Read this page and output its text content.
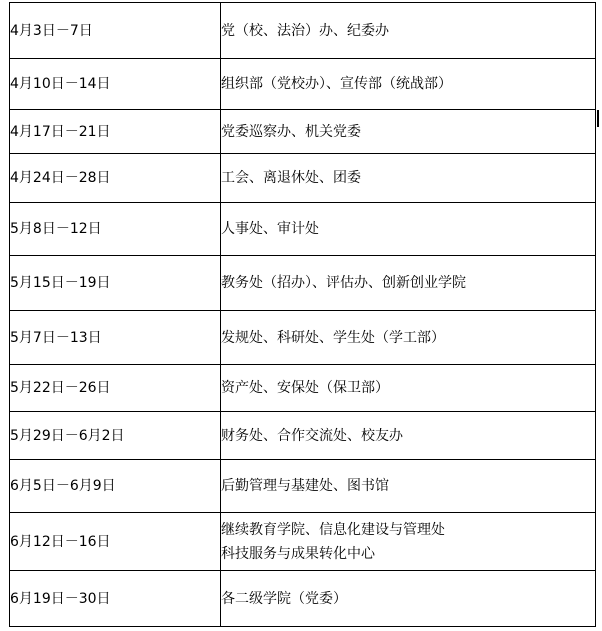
4月3日－7日	党（校、法治）办、纪委办

4月10日－14日	组织部（党校办）、宣传部（统战部）

4月17日－21日	党委巡察办、机关党委

4月24日－28日	工会、离退休处、团委

5月8日－12日	人事处、审计处

5月15日－19日	教务处（招办）、评估办、创新创业学院

5月7日－13日	发规处、科研处、学生处（学工部）

5月22日－26日	资产处、安保处（保卫部）

5月29日－6月2日	财务处、合作交流处、校友办

6月5日－6月9日	后勤管理与基建处、图书馆

6月12日－16日	继续教育学院、信息化建设与管理处
科技服务与成果转化中心

6月19日－30日	各二级学院（党委）
